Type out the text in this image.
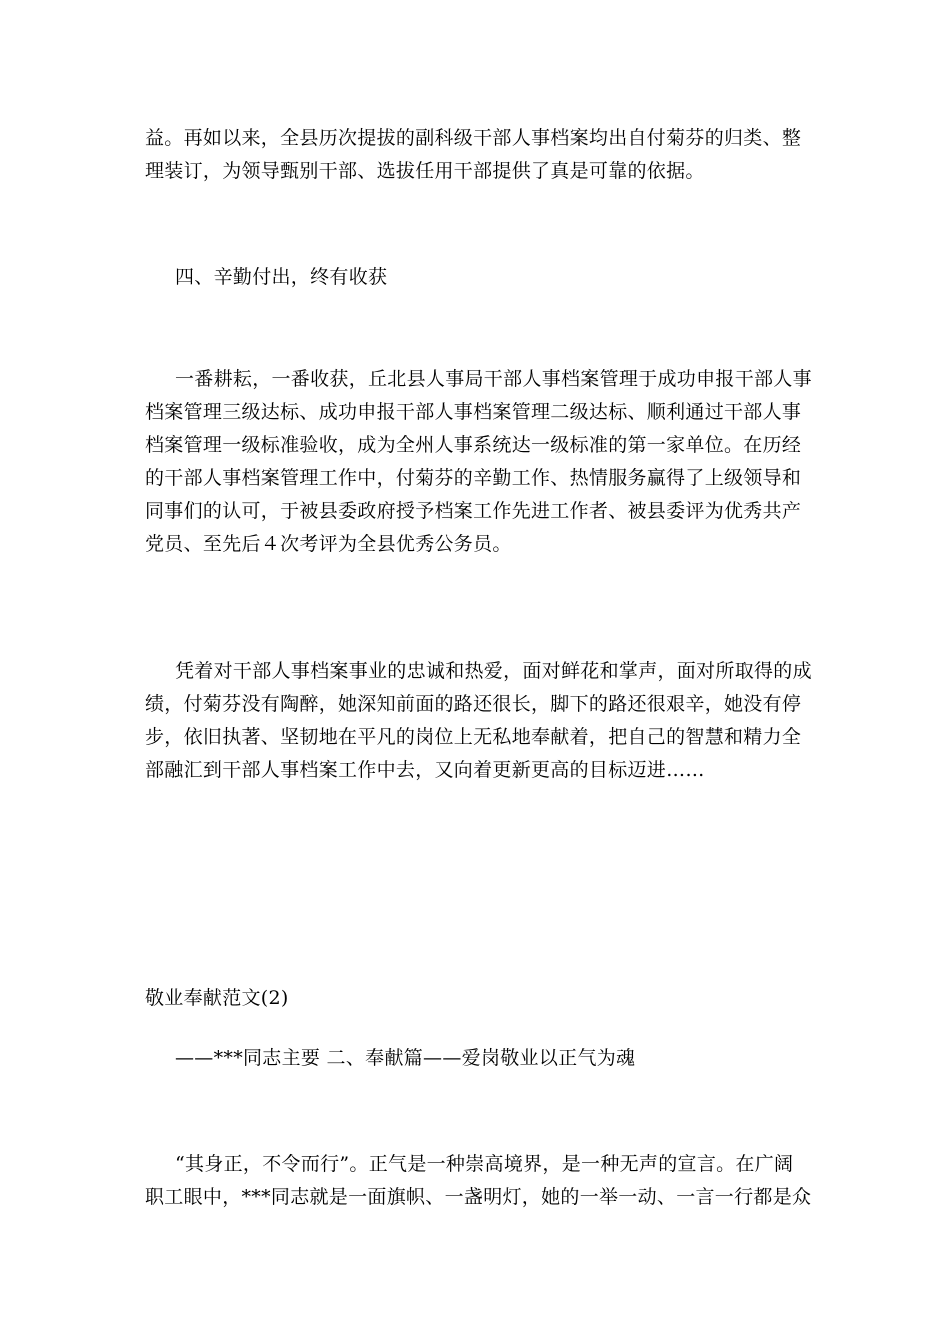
益。再如以来，全县历次提拔的副科级干部人事档案均出自付菊芬的归类、整
理装订，为领导甄别干部、选拔任用干部提供了真是可靠的依据。

四、辛勤付出，终有收获

一番耕耘，一番收获，丘北县人事局干部人事档案管理于成功申报干部人事
档案管理三级达标、成功申报干部人事档案管理二级达标、顺利通过干部人事
档案管理一级标准验收，成为全州人事系统达一级标准的第一家单位。在历经
的干部人事档案管理工作中，付菊芬的辛勤工作、热情服务赢得了上级领导和
同事们的认可，于被县委政府授予档案工作先进工作者、被县委评为优秀共产
党员、至先后４次考评为全县优秀公务员。

凭着对干部人事档案事业的忠诚和热爱，面对鲜花和掌声，面对所取得的成
绩，付菊芬没有陶醉，她深知前面的路还很长，脚下的路还很艰辛，她没有停
步，依旧执著、坚韧地在平凡的岗位上无私地奉献着，把自己的智慧和精力全
部融汇到干部人事档案工作中去，又向着更新更高的目标迈进……

敬业奉献范文(2)

——***同志主要 二、奉献篇——爱岗敬业以正气为魂

“其身正，不令而行”。正气是一种崇高境界，是一种无声的宣言。在广阔
职工眼中，***同志就是一面旗帜、一盏明灯，她的一举一动、一言一行都是众
